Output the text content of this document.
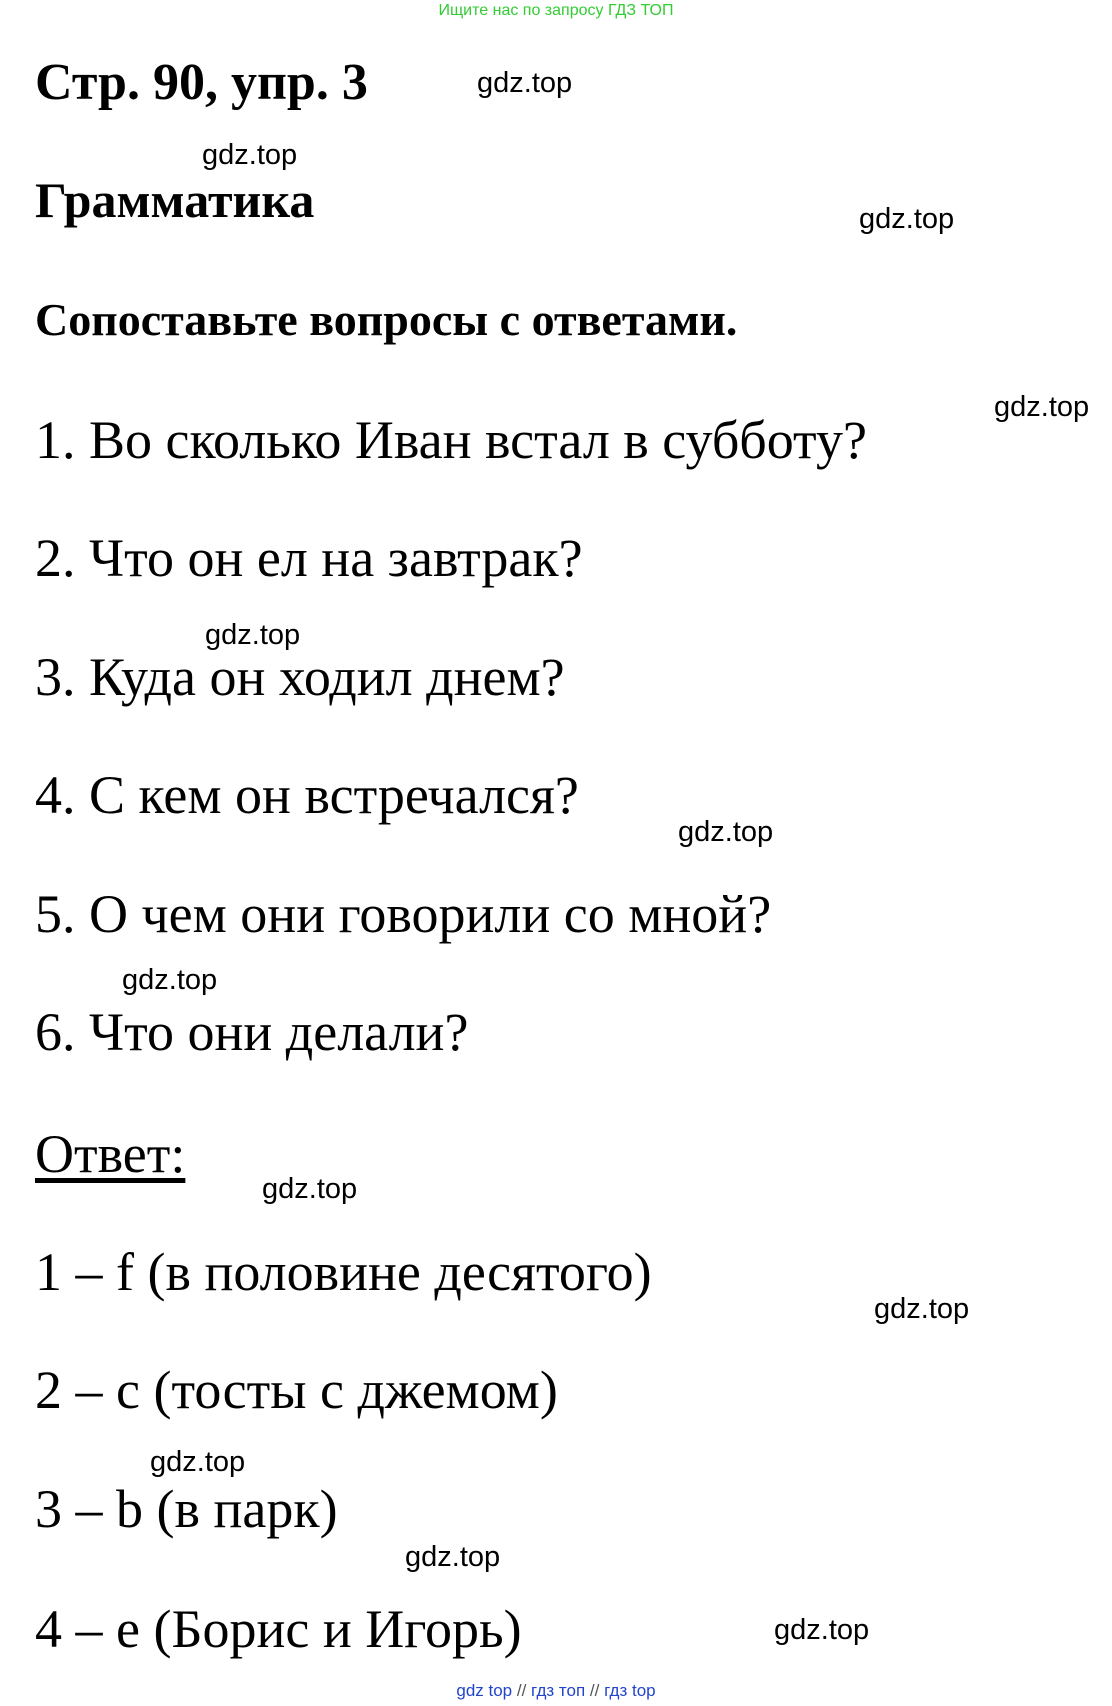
Ищите нас по запросу ГДЗ ТОП
Стр. 90, упр. 3
Грамматика
Сопоставьте вопросы с ответами.
1. Во сколько Иван встал в субботу?
2. Что он ел на завтрак?
3. Куда он ходил днем?
4. С кем он встречался?
5. О чем они говорили со мной?
6. Что они делали?
Ответ:
1 – f (в половине десятого)
2 – c (тосты с джемом)
3 – b (в парк)
4 – e (Борис и Игорь)
gdz.top
gdz.top
gdz.top
gdz.top
gdz.top
gdz.top
gdz.top
gdz.top
gdz.top
gdz.top
gdz.top
gdz.top
gdz top // гдз топ // гдз top
